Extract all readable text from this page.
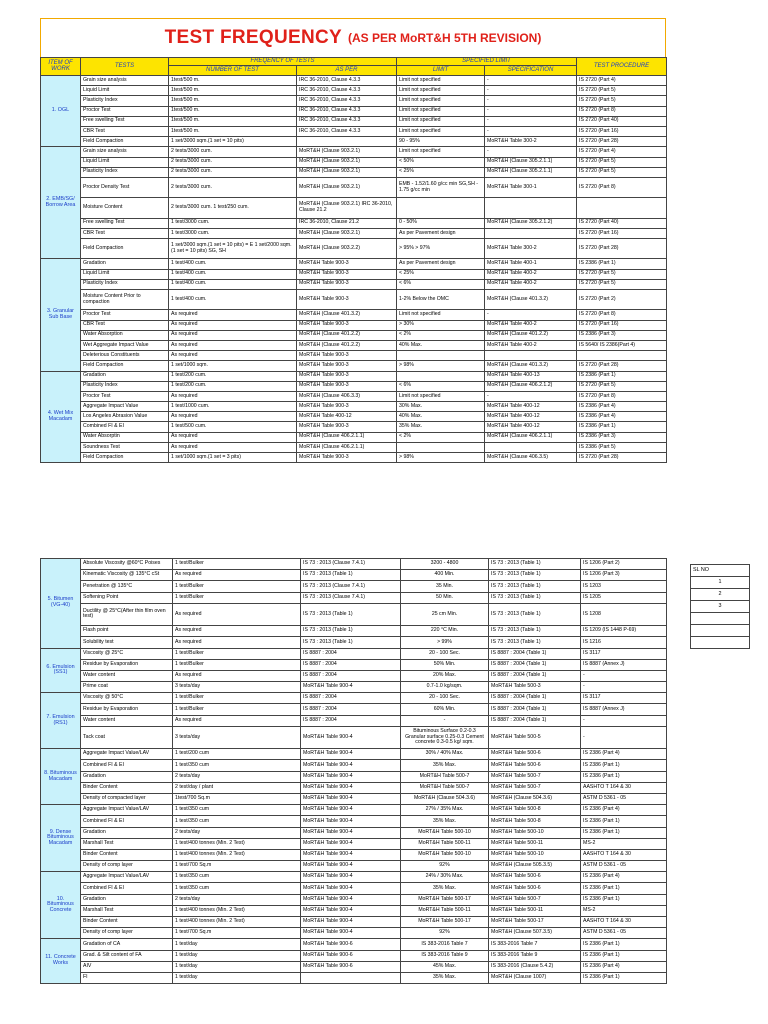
TEST FREQUENCY (AS PER MoRT&H 5TH REVISION)
ITEM OF WORK	TESTS	FREQENCY OF TESTS		SPECIFIED LIMIT		TEST PROCEDURE
		NUMBER OF TEST	AS PER	LIMIT	SPECIFICATION	
1. OGL	Grain size analysis	1test/500 m.	IRC 36-2010, Clause 4.3.3	Limit not specified	-	IS 2720 (Part 4)
	Liquid Limit	1test/500 m.	IRC 36-2010, Clause 4.3.3	Limit not specified	-	IS 2720 (Part 5)
	Plasticity Index	1test/500 m.	IRC 36-2010, Clause 4.3.3	Limit not specified	-	IS 2720 (Part 5)
	Proctor Test	1test/500 m.	IRC 36-2010, Clause 4.3.3	Limit not specified	-	IS 2720 (Part 8)
	Free swelling Test	1test/500 m.	IRC 36-2010, Clause 4.3.3	Limit not specified	-	IS 2720 (Part 40)
	CBR Test	1test/500 m.	IRC 36-2010, Clause 4.3.3	Limit not specified	-	IS 2720 (Part 16)
	Field Compaction	1 set/3000 sqm.(1 set = 10 pits)		90 - 95%	MoRT&H Table 300-2	IS 2720 (Part 28)
2. EMB/SG/ Borrow Area	Grain size analysis	2 tests/3000 cum.	MoRT&H (Clause 903.2.1)	Limit not specified	-	IS 2720 (Part 4)
	Liquid Limit	2 tests/3000 cum.	MoRT&H (Clause 903.2.1)	< 50%	MoRT&H (Clause 305.2.1.1)	IS 2720 (Part 5)
	Plasticity Index	2 tests/3000 cum.	MoRT&H (Clause 903.2.1)	< 25%	MoRT&H (Clause 305.2.1.1)	IS 2720 (Part 5)
	Proctor Density Test	2 tests/3000 cum.	MoRT&H (Clause 903.2.1)	EMB - 1.52/1.60 g/cc min SG,SH - 1.75 g/cc min	MoRT&H Table 300-1	IS 2720 (Part 8)
	Moisture Content	2 tests/3000 cum. 1 test/250 cum.	MoRT&H (Clause 903.2.1) IRC 36-2010, Clause 21.2			
	Free swelling Test	1 test/3000 cum.	IRC 36-2010, Clause 21.2	0 - 50%	MoRT&H (Clause 305.2.1.2)	IS 2720 (Part 40)
	CBR Test	1 test/3000 cum.	MoRT&H (Clause 903.2.1)	As per Pavement design		IS 2720 (Part 16)
	Field Compaction	1 set/3000 sqm.(1 set = 10 pits) = E 1 set/2000 sqm.(1 set = 10 pits) SG, SH	MoRT&H (Clause 903.2.2)	> 95% > 97%	MoRT&H Table 300-2	IS 2720 (Part 28)
3. Granular Sub Base	Gradation	1 test/400 cum.	MoRT&H Table 900-3	As per Pavement design	MoRT&H Table 400-1	IS 2386 (Part 1)
	Liquid Limit	1 test/400 cum.	MoRT&H Table 900-3	< 25%	MoRT&H Table 400-2	IS 2720 (Part 5)
	Plasticity Index	1 test/400 cum.	MoRT&H Table 900-3	< 6%	MoRT&H Table 400-2	IS 2720 (Part 5)
	Moisture Content Prior to compaction	1 test/400 cum.	MoRT&H Table 900-3	1-2% Below the OMC	MoRT&H (Clause 401.3.2)	IS 2720 (Part 2)
	Proctor Test	As required	MoRT&H (Clause 401.3.2)	Limit not specified	-	IS 2720 (Part 8)
	CBR Test	As required	MoRT&H Table 900-3	> 30%	MoRT&H Table 400-2	IS 2720 (Part 16)
	Water Absorption	As required	MoRT&H (Clause 401.2.2)	< 2%	MoRT&H (Clause 401.2.2)	IS 2386 (Part 3)
	Wet Aggregate Impact Value	As required	MoRT&H (Clause 401.2.2)	40% Max.	MoRT&H Table 400-2	IS 5640/ IS 2386(Part 4)
	Deleterious Constituents	As required	MoRT&H Table 900-3			
	Field Compaction	1 set/1000 sqm.	MoRT&H Table 900-3	> 98%	MoRT&H (Clause 401.3.2)	IS 2720 (Part 28)
4. Wet Mix Macadam	Gradation	1 test/200 cum.	MoRT&H Table 900-3		MoRT&H Table 400-13	IS 2386 (Part 1)
	Plasticity Index	1 test/200 cum.	MoRT&H Table 900-3	< 6%	MoRT&H (Clause 406.2.1.2)	IS 2720 (Part 5)
	Proctor Test	As required	MoRT&H (Clause 406.3.3)	Limit not specified	-	IS 2720 (Part 8)
	Aggregate Impact Value	1 test/1000 cum.	MoRT&H Table 900-3	30% Max.	MoRT&H Table 400-12	IS 2386 (Part 4)
	Los Angeles Abrasion Value	As required	MoRT&H Table 400-12	40% Max.	MoRT&H Table 400-12	IS 2386 (Part 4)
	Combined FI & EI	1 test/500 cum.	MoRT&H Table 900-3	35% Max.	MoRT&H Table 400-12	IS 2386 (Part 1)
	Water Absorptin	As required	MoRT&H (Clause 406.2.1.1)	< 2%	MoRT&H (Clause 406.2.1.1)	IS 2386 (Part 3)
	Soundness Test	As required	MoRT&H (Clause 406.2.1.1)			IS 2386 (Part 5)
	Field Compaction	1 set/1000 sqm.(1 set = 3 pits)	MoRT&H Table 900-3	> 98%	MoRT&H (Clause 406.3.5)	IS 2720 (Part 28)
5. Bitumen (VG-40)	Absolute Viscosity @60°C Poises	1 test/Bulker	IS 73 : 2013 (Clause 7.4.1)	3200 - 4800	IS 73 : 2013 (Table 1)	IS 1206 (Part 2)
	Kinematic Viscosity @ 135°C cSt	As required	IS 73 : 2013 (Table 1)	400 Min.	IS 73 : 2013 (Table 1)	IS 1206 (Part 3)
	Penetration @ 135°C	1 test/Bulker	IS 73 : 2013 (Clause 7.4.1)	35 Min.	IS 73 : 2013 (Table 1)	IS 1203
	Softening Point	1 test/Bulker	IS 73 : 2013 (Clause 7.4.1)	50 Min.	IS 73 : 2013 (Table 1)	IS 1205
	Ductility @ 25°C(After thin film oven test)	As required	IS 73 : 2013 (Table 1)	25 cm Min.	IS 73 : 2013 (Table 1)	IS 1208
	Flash point	As required	IS 73 : 2013 (Table 1)	220 °C Min.	IS 73 : 2013 (Table 1)	IS 1209 (IS 1448 P-69)
	Solubility test	As required	IS 73 : 2013 (Table 1)	> 99%	IS 73 : 2013 (Table 1)	IS 1216
6. Emulsion (SS1)	Viscosity @ 25°C	1 test/Bulker	IS 8887 : 2004	20 - 100 Sec.	IS 8887 : 2004 (Table 1)	IS 3117
	Residue by Evaporation	1 test/Bulker	IS 8887 : 2004	50% Min.	IS 8887 : 2004 (Table 1)	IS 8887 (Annex J)
	Water content	As required	IS 8887 : 2004	20% Max.	IS 8887 : 2004 (Table 1)	-
	Prime coat	3 tests/day	MoRT&H Table 900-4	0.7-1.0 kg/sqm.	MoRT&H Table 500-3	-
7. Emulsion (RS1)	Viscosity @ 50°C	1 test/Bulker	IS 8887 : 2004	20 - 100 Sec.	IS 8887 : 2004 (Table 1)	IS 3117
	Residue by Evaporation	1 test/Bulker	IS 8887 : 2004	60% Min.	IS 8887 : 2004 (Table 1)	IS 8887 (Annex J)
	Water content	As required	IS 8887 : 2004	-	IS 8887 : 2004 (Table 1)	-
	Tack coat	3 tests/day	MoRT&H Table 900-4	Bituminous Surface 0.2-0.3 Granular surface 0.25-0.3 Cement concrete 0.3-0.5 kg/ sqm.	MoRT&H Table 500-5	-
8. Bituminous Macadam	Aggregate Impact Value/LAV	1 test/200 cum	MoRT&H Table 900-4	30% / 40% Max.	MoRT&H Table 500-6	IS 2386 (Part 4)
	Combined FI & EI	1 test/350 cum	MoRT&H Table 900-4	35% Max.	MoRT&H Table 500-6	IS 2386 (Part 1)
	Gradation	2 tests/day	MoRT&H Table 900-4	MoRT&H Table 500-7	MoRT&H Table 500-7	IS 2386 (Part 1)
	Binder Content	2 test/day / plant	MoRT&H Table 900-4	MoRT&H Table 500-7	MoRT&H Table 500-7	AASHTO T 164 & 30
	Density of compacted layer	1test/700 Sq.m	MoRT&H Table 900-4	MoRT&H (Clause 504.3.6)	MoRT&H (Clause 504.3.6)	ASTM D 5361 - 05
9. Dense Bituminous Macadam	Aggregate Impact Value/LAV	1 test/350 cum	MoRT&H Table 900-4	27% / 35% Max.	MoRT&H Table 500-8	IS 2386 (Part 4)
	Combined FI & EI	1 test/350 cum	MoRT&H Table 900-4	35% Max.	MoRT&H Table 500-8	IS 2386 (Part 1)
	Gradation	2 tests/day	MoRT&H Table 900-4	MoRT&H Table 500-10	MoRT&H Table 500-10	IS 2386 (Part 1)
	Marshall Test	1 test/400 tonnes (Min. 2 Test)	MoRT&H Table 900-4	MoRT&H Table 500-11	MoRT&H Table 500-11	MS-2
	Binder Content	1 test/400 tonnes (Min. 2 Test)	MoRT&H Table 900-4	MoRT&H Table 500-10	MoRT&H Table 500-10	AASHTO T 164 & 30
	Density of comp layer	1 test/700 Sq.m	MoRT&H Table 900-4	92%	MoRT&H (Clause 505.3.5)	ASTM D 5361 - 05
10. Bituminous Concrete	Aggregate Impact Value/LAV	1 test/350 cum	MoRT&H Table 900-4	24% / 30% Max.	MoRT&H Table 500-6	IS 2386 (Part 4)
	Combined FI & EI	1 test/350 cum	MoRT&H Table 900-4	35% Max.	MoRT&H Table 500-6	IS 2386 (Part 1)
	Gradation	2 tests/day	MoRT&H Table 900-4	MoRT&H Table 500-17	MoRT&H Table 500-7	IS 2386 (Part 1)
	Marshall Test	1 test/400 tonnes (Min. 2 Test)	MoRT&H Table 900-4	MoRT&H Table 500-11	MoRT&H Table 500-11	MS-2
	Binder Content	1 test/400 tonnes (Min. 2 Test)	MoRT&H Table 900-4	MoRT&H Table 500-17	MoRT&H Table 500-17	AASHTO T 164 & 30
	Density of comp layer	1 test/700 Sq.m	MoRT&H Table 900-4	92%	MoRT&H (Clause 507.3.5)	ASTM D 5361 - 05
11. Concrete Works	Gradation of CA	1 test/day	MoRT&H Table 900-6	IS 383-2016 Table 7	IS 383-2016 Table 7	IS 2386 (Part 1)
	Grad. & Silt content of FA	1 test/day	MoRT&H Table 900-6	IS 383-2016 Table 9	IS 383-2016 Table 9	IS 2386 (Part 1)
	AIV	1 test/day	MoRT&H Table 900-6	45% Max.	IS 383-2016 (Clause 5.4.2)	IS 2386 (Part 4)
	FI	1 test/day		35% Max.	MoRT&H (Clause 1007)	IS 2386 (Part 1)
SL NO
1
2
3
